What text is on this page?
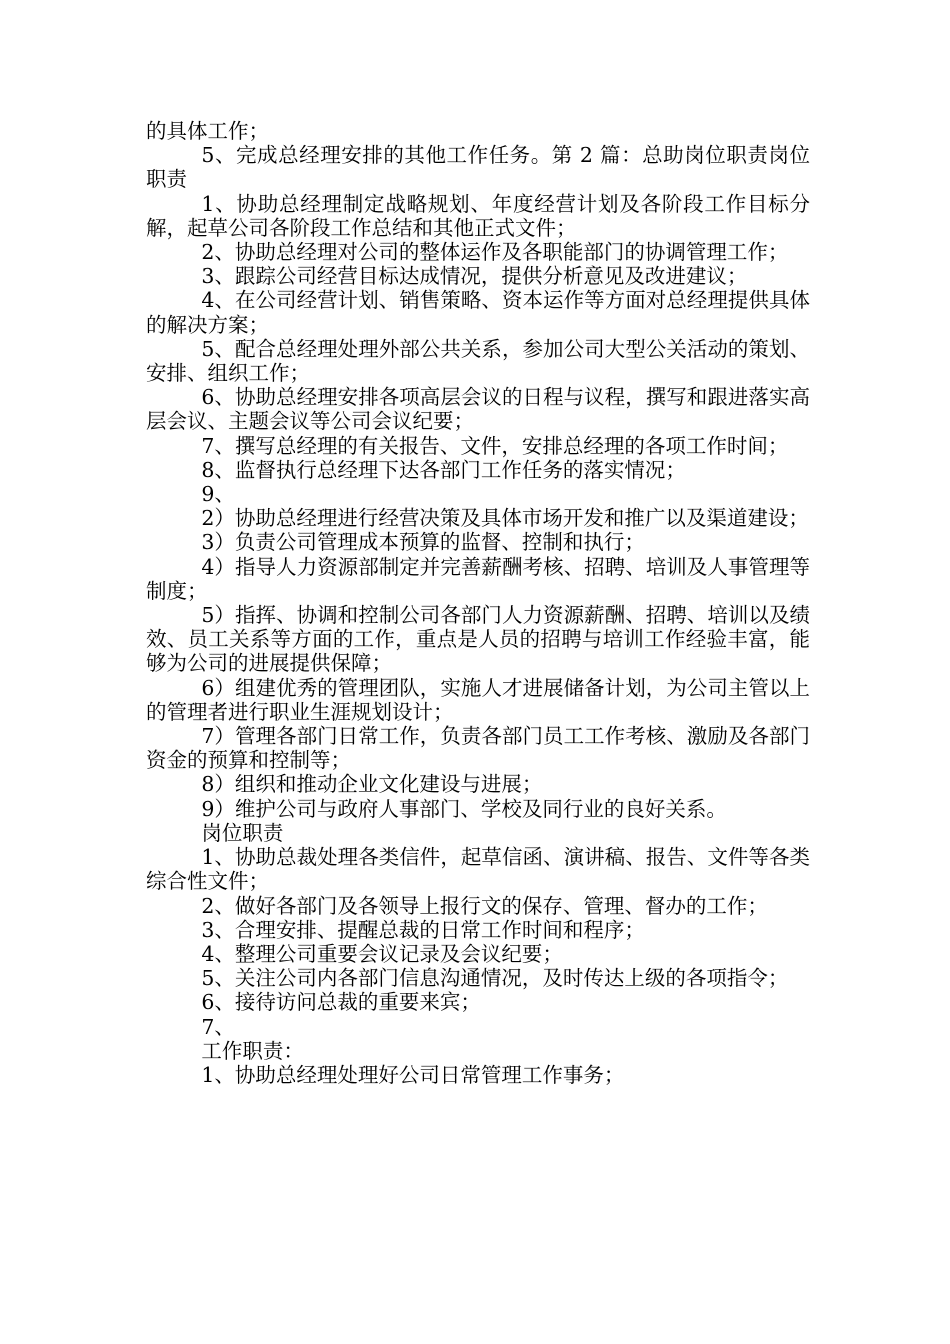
的具体工作；

5、完成总经理安排的其他工作任务。第 2 篇：总助岗位职责岗位职责

1、协助总经理制定战略规划、年度经营计划及各阶段工作目标分解，起草公司各阶段工作总结和其他正式文件；

2、协助总经理对公司的整体运作及各职能部门的协调管理工作；

3、跟踪公司经营目标达成情况，提供分析意见及改进建议；

4、在公司经营计划、销售策略、资本运作等方面对总经理提供具体的解决方案；

5、配合总经理处理外部公共关系，参加公司大型公关活动的策划、安排、组织工作；

6、协助总经理安排各项高层会议的日程与议程，撰写和跟进落实高层会议、主题会议等公司会议纪要；

7、撰写总经理的有关报告、文件，安排总经理的各项工作时间；

8、监督执行总经理下达各部门工作任务的落实情况；

9、

2）协助总经理进行经营决策及具体市场开发和推广以及渠道建设；

3）负责公司管理成本预算的监督、控制和执行；

4）指导人力资源部制定并完善薪酬考核、招聘、培训及人事管理等制度；

5）指挥、协调和控制公司各部门人力资源薪酬、招聘、培训以及绩效、员工关系等方面的工作，重点是人员的招聘与培训工作经验丰富，能够为公司的进展提供保障；

6）组建优秀的管理团队，实施人才进展储备计划，为公司主管以上的管理者进行职业生涯规划设计；

7）管理各部门日常工作，负责各部门员工工作考核、激励及各部门资金的预算和控制等；

8）组织和推动企业文化建设与进展；

9）维护公司与政府人事部门、学校及同行业的良好关系。

岗位职责

1、协助总裁处理各类信件，起草信函、演讲稿、报告、文件等各类综合性文件；

2、做好各部门及各领导上报行文的保存、管理、督办的工作；

3、合理安排、提醒总裁的日常工作时间和程序；

4、整理公司重要会议记录及会议纪要；

5、关注公司内各部门信息沟通情况，及时传达上级的各项指令；

6、接待访问总裁的重要来宾；

7、

工作职责：

1、协助总经理处理好公司日常管理工作事务；
